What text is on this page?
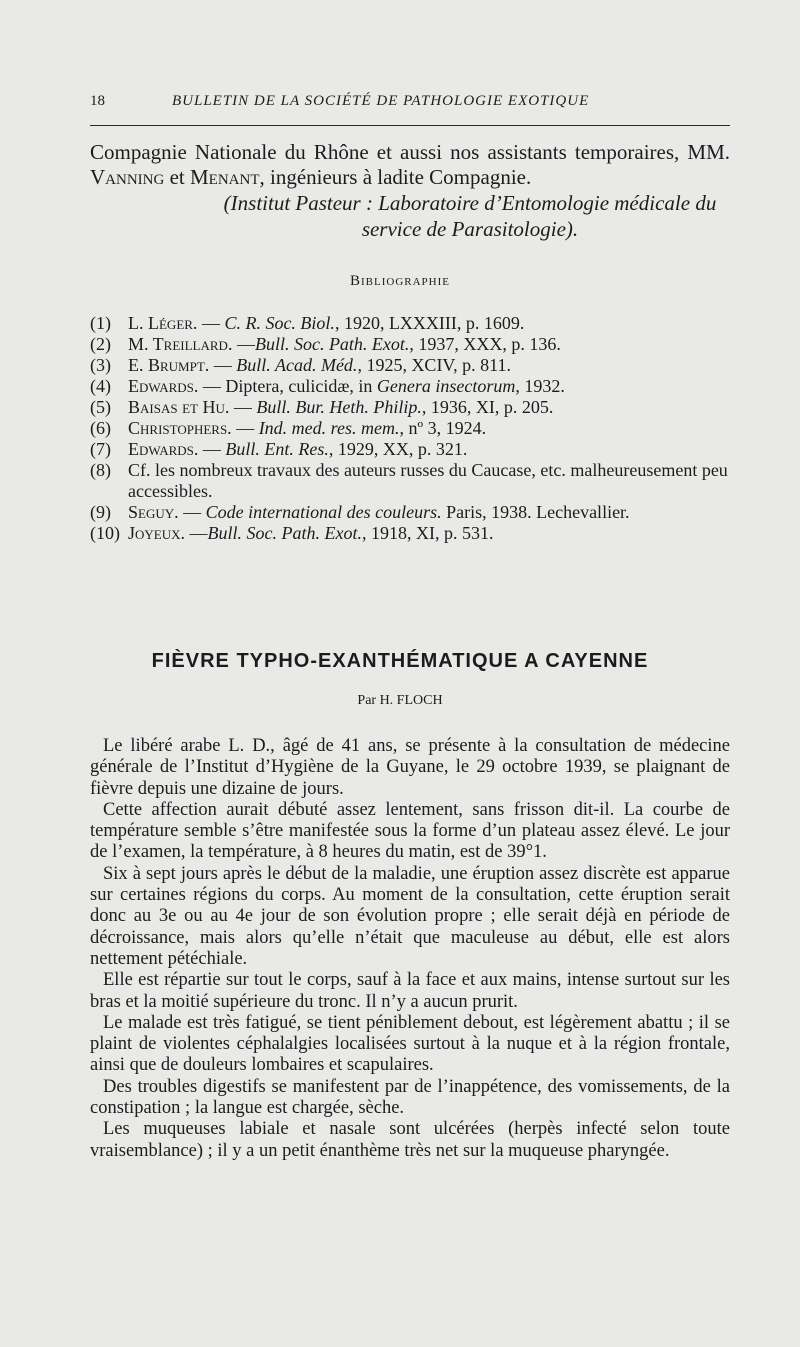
18	BULLETIN DE LA SOCIÉTÉ DE PATHOLOGIE EXOTIQUE

Compagnie Nationale du Rhône et aussi nos assistants temporaires, MM. Vanning et Menant, ingénieurs à ladite Compagnie.

(Institut Pasteur : Laboratoire d’Entomologie médicale du service de Parasitologie).
Bibliographie
(1) L. Léger. — C. R. Soc. Biol., 1920, LXXXIII, p. 1609.
(2) M. Treillard. —Bull. Soc. Path. Exot., 1937, XXX, p. 136.
(3) E. Brumpt. — Bull. Acad. Méd., 1925, XCIV, p. 811.
(4) Edwards. — Diptera, culicidæ, in Genera insectorum, 1932.
(5) Baisas et Hu. — Bull. Bur. Heth. Philip., 1936, XI, p. 205.
(6) Christophers. — Ind. med. res. mem., nº 3, 1924.
(7) Edwards. — Bull. Ent. Res., 1929, XX, p. 321.
(8) Cf. les nombreux travaux des auteurs russes du Caucase, etc. malheureusement peu accessibles.
(9) Seguy. — Code international des couleurs. Paris, 1938. Lechevallier.
(10) Joyeux. —Bull. Soc. Path. Exot., 1918, XI, p. 531.
FIÈVRE TYPHO-EXANTHÉMATIQUE A CAYENNE
Par H. FLOCH

Le libéré arabe L. D., âgé de 41 ans, se présente à la consultation de médecine générale de l’Institut d’Hygiène de la Guyane, le 29 octobre 1939, se plaignant de fièvre depuis une dizaine de jours.

Cette affection aurait débuté assez lentement, sans frisson dit-il. La courbe de température semble s’être manifestée sous la forme d’un plateau assez élevé. Le jour de l’examen, la température, à 8 heures du matin, est de 39°1.

Six à sept jours après le début de la maladie, une éruption assez discrète est apparue sur certaines régions du corps. Au moment de la consultation, cette éruption serait donc au 3e ou au 4e jour de son évolution propre ; elle serait déjà en période de décroissance, mais alors qu’elle n’était que maculeuse au début, elle est alors nettement pétéchiale.

Elle est répartie sur tout le corps, sauf à la face et aux mains, intense surtout sur les bras et la moitié supérieure du tronc. Il n’y a aucun prurit.

Le malade est très fatigué, se tient péniblement debout, est légèrement abattu ; il se plaint de violentes céphalalgies localisées surtout à la nuque et à la région frontale, ainsi que de douleurs lombaires et scapulaires.

Des troubles digestifs se manifestent par de l’inappétence, des vomissements, de la constipation ; la langue est chargée, sèche.

Les muqueuses labiale et nasale sont ulcérées (herpès infecté selon toute vraisemblance) ; il y a un petit énanthème très net sur la muqueuse pharyngée.
